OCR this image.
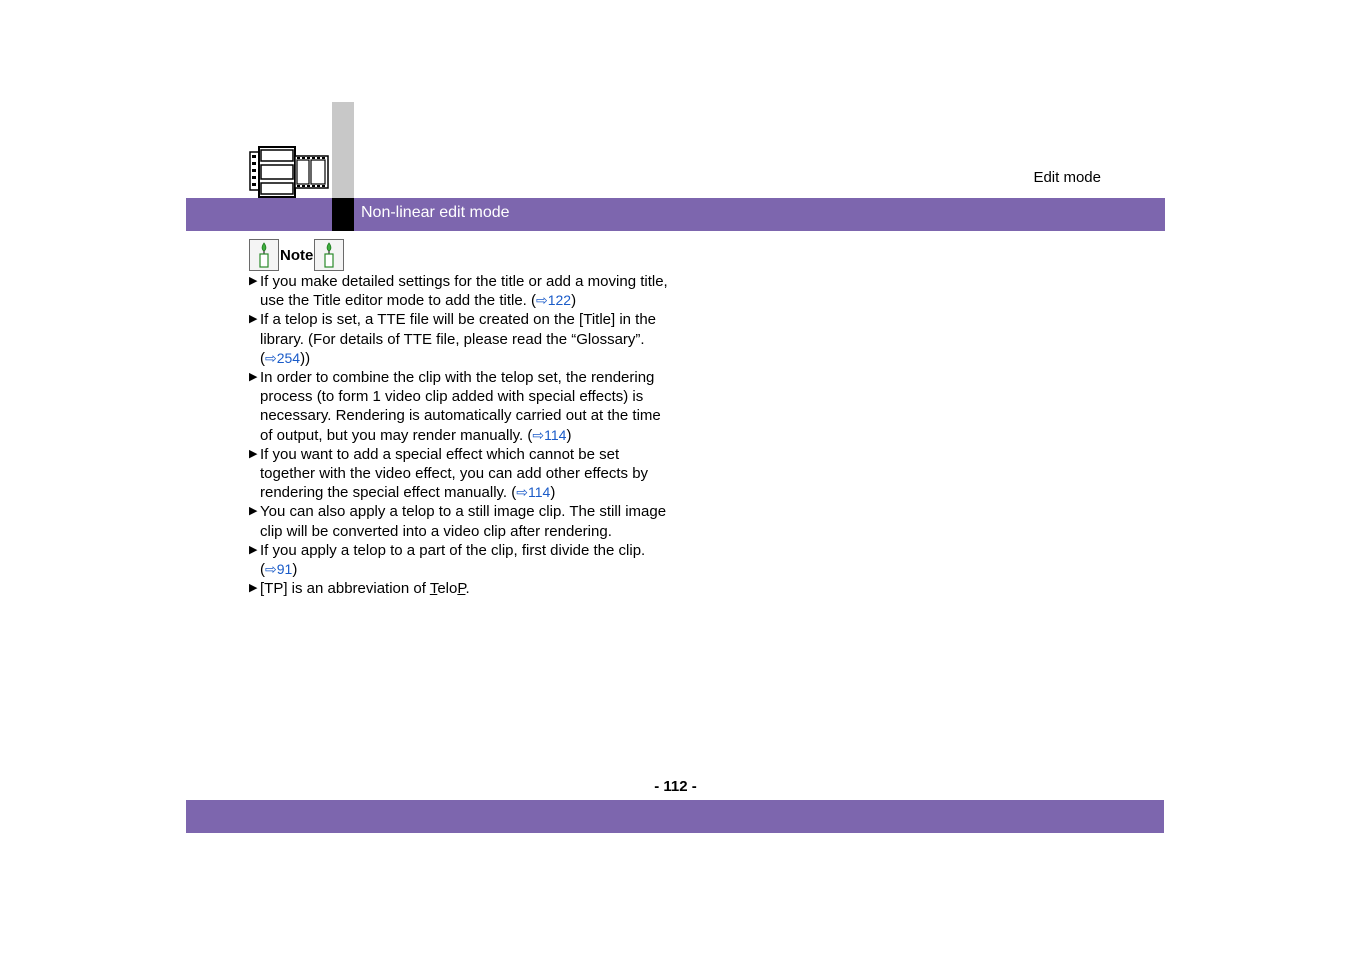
Edit mode
Non-linear edit mode
Note
▶ If you make detailed settings for the title or add a moving title, use the Title editor mode to add the title. (⇨122)
▶ If a telop is set, a TTE file will be created on the [Title] in the library. (For details of TTE file, please read the “Glossary”. (⇨254))
▶ In order to combine the clip with the telop set, the rendering process (to form 1 video clip added with special effects) is necessary. Rendering is automatically carried out at the time of output, but you may render manually. (⇨114)
▶ If you want to add a special effect which cannot be set together with the video effect, you can add other effects by rendering the special effect manually. (⇨114)
▶ You can also apply a telop to a still image clip. The still image clip will be converted into a video clip after rendering.
▶ If you apply a telop to a part of the clip, first divide the clip. (⇨91)
▶ [TP] is an abbreviation of TeloP.
- 112 -
